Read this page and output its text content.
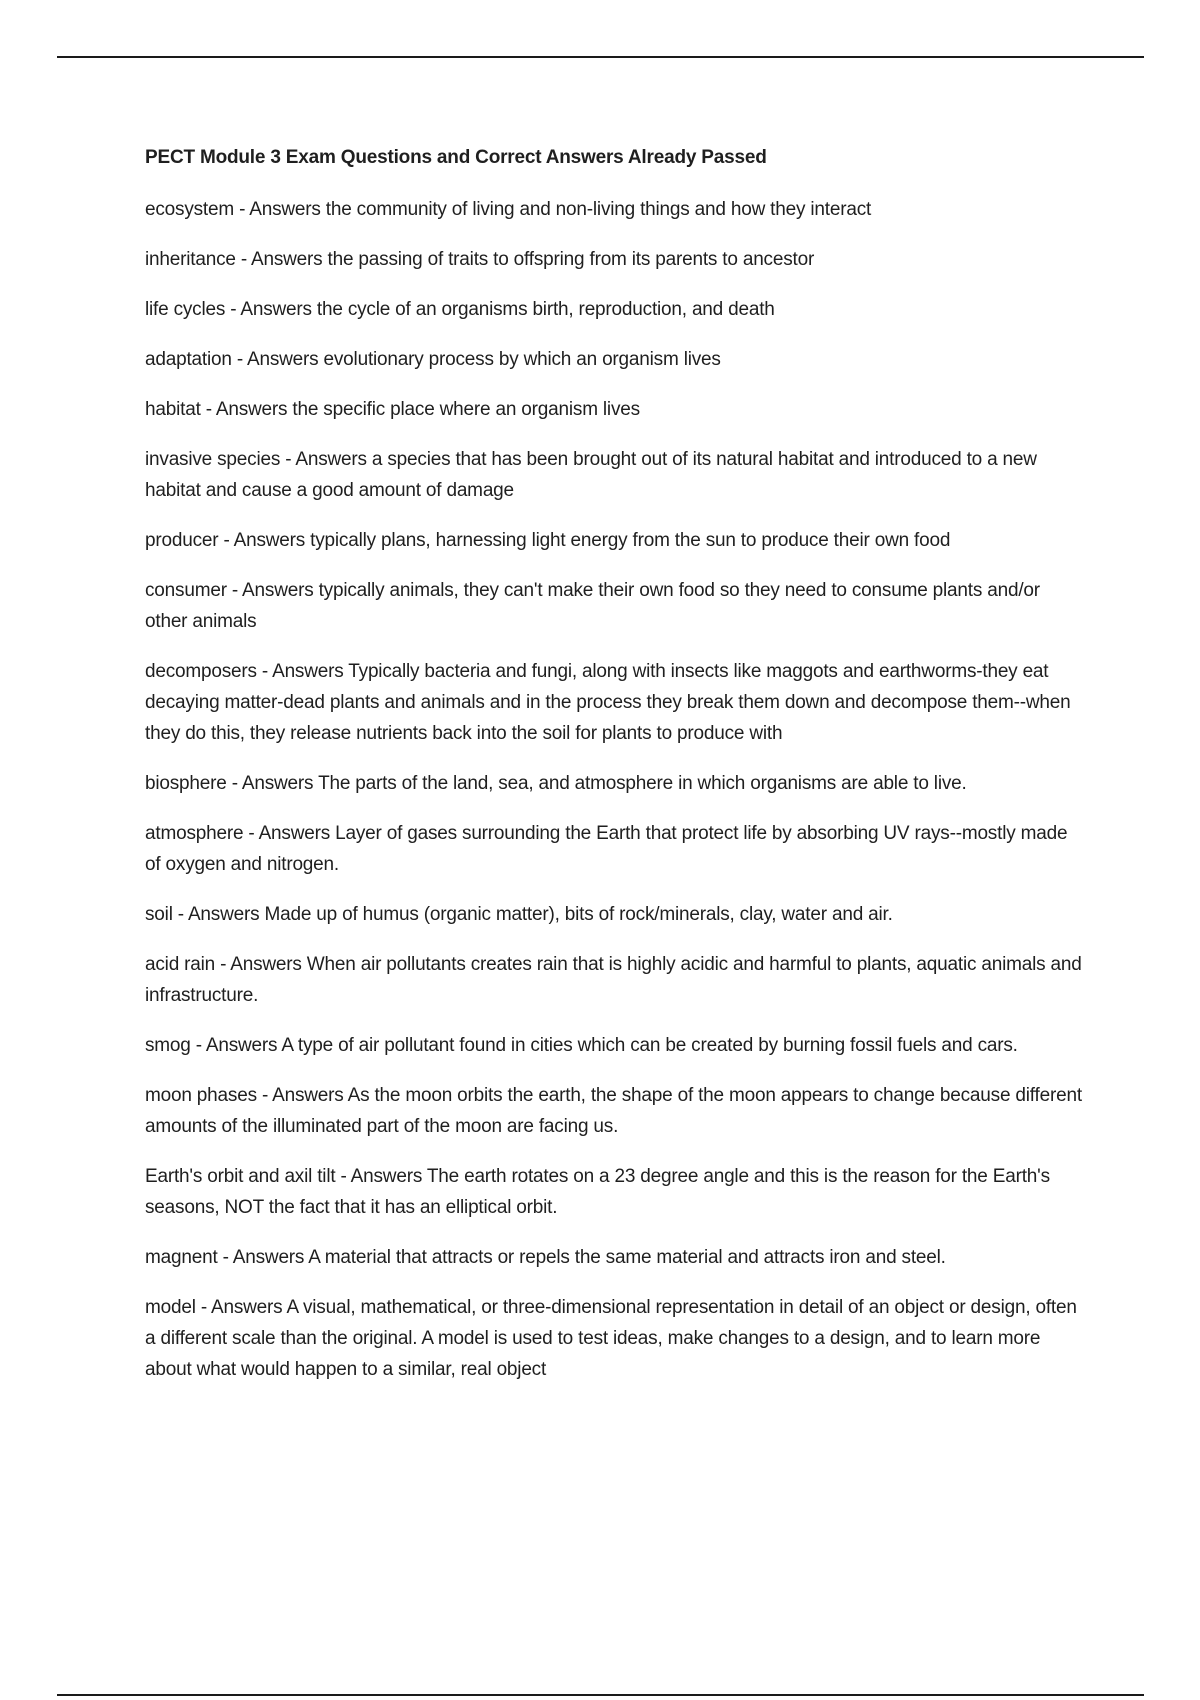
PECT Module 3 Exam Questions and Correct Answers Already Passed

ecosystem - Answers the community of living and non-living things and how they interact

inheritance - Answers the passing of traits to offspring from its parents to ancestor

life cycles - Answers the cycle of an organisms birth, reproduction, and death

adaptation - Answers evolutionary process by which an organism lives

habitat - Answers the specific place where an organism lives

invasive species - Answers a species that has been brought out of its natural habitat and introduced to a new habitat and cause a good amount of damage

producer - Answers typically plans, harnessing light energy from the sun to produce their own food

consumer - Answers typically animals, they can't make their own food so they need to consume plants and/or other animals

decomposers - Answers Typically bacteria and fungi, along with insects like maggots and earthworms-they eat decaying matter-dead plants and animals and in the process they break them down and decompose them--when they do this, they release nutrients back into the soil for plants to produce with

biosphere - Answers The parts of the land, sea, and atmosphere in which organisms are able to live.

atmosphere - Answers Layer of gases surrounding the Earth that protect life by absorbing UV rays--mostly made of oxygen and nitrogen.

soil - Answers Made up of humus (organic matter), bits of rock/minerals, clay, water and air.

acid rain - Answers When air pollutants creates rain that is highly acidic and harmful to plants, aquatic animals and infrastructure.

smog - Answers A type of air pollutant found in cities which can be created by burning fossil fuels and cars.

moon phases - Answers As the moon orbits the earth, the shape of the moon appears to change because different amounts of the illuminated part of the moon are facing us.

Earth's orbit and axil tilt - Answers The earth rotates on a 23 degree angle and this is the reason for the Earth's seasons, NOT the fact that it has an elliptical orbit.

magnent - Answers A material that attracts or repels the same material and attracts iron and steel.

model - Answers A visual, mathematical, or three-dimensional representation in detail of an object or design, often a different scale than the original. A model is used to test ideas, make changes to a design, and to learn more about what would happen to a similar, real object
